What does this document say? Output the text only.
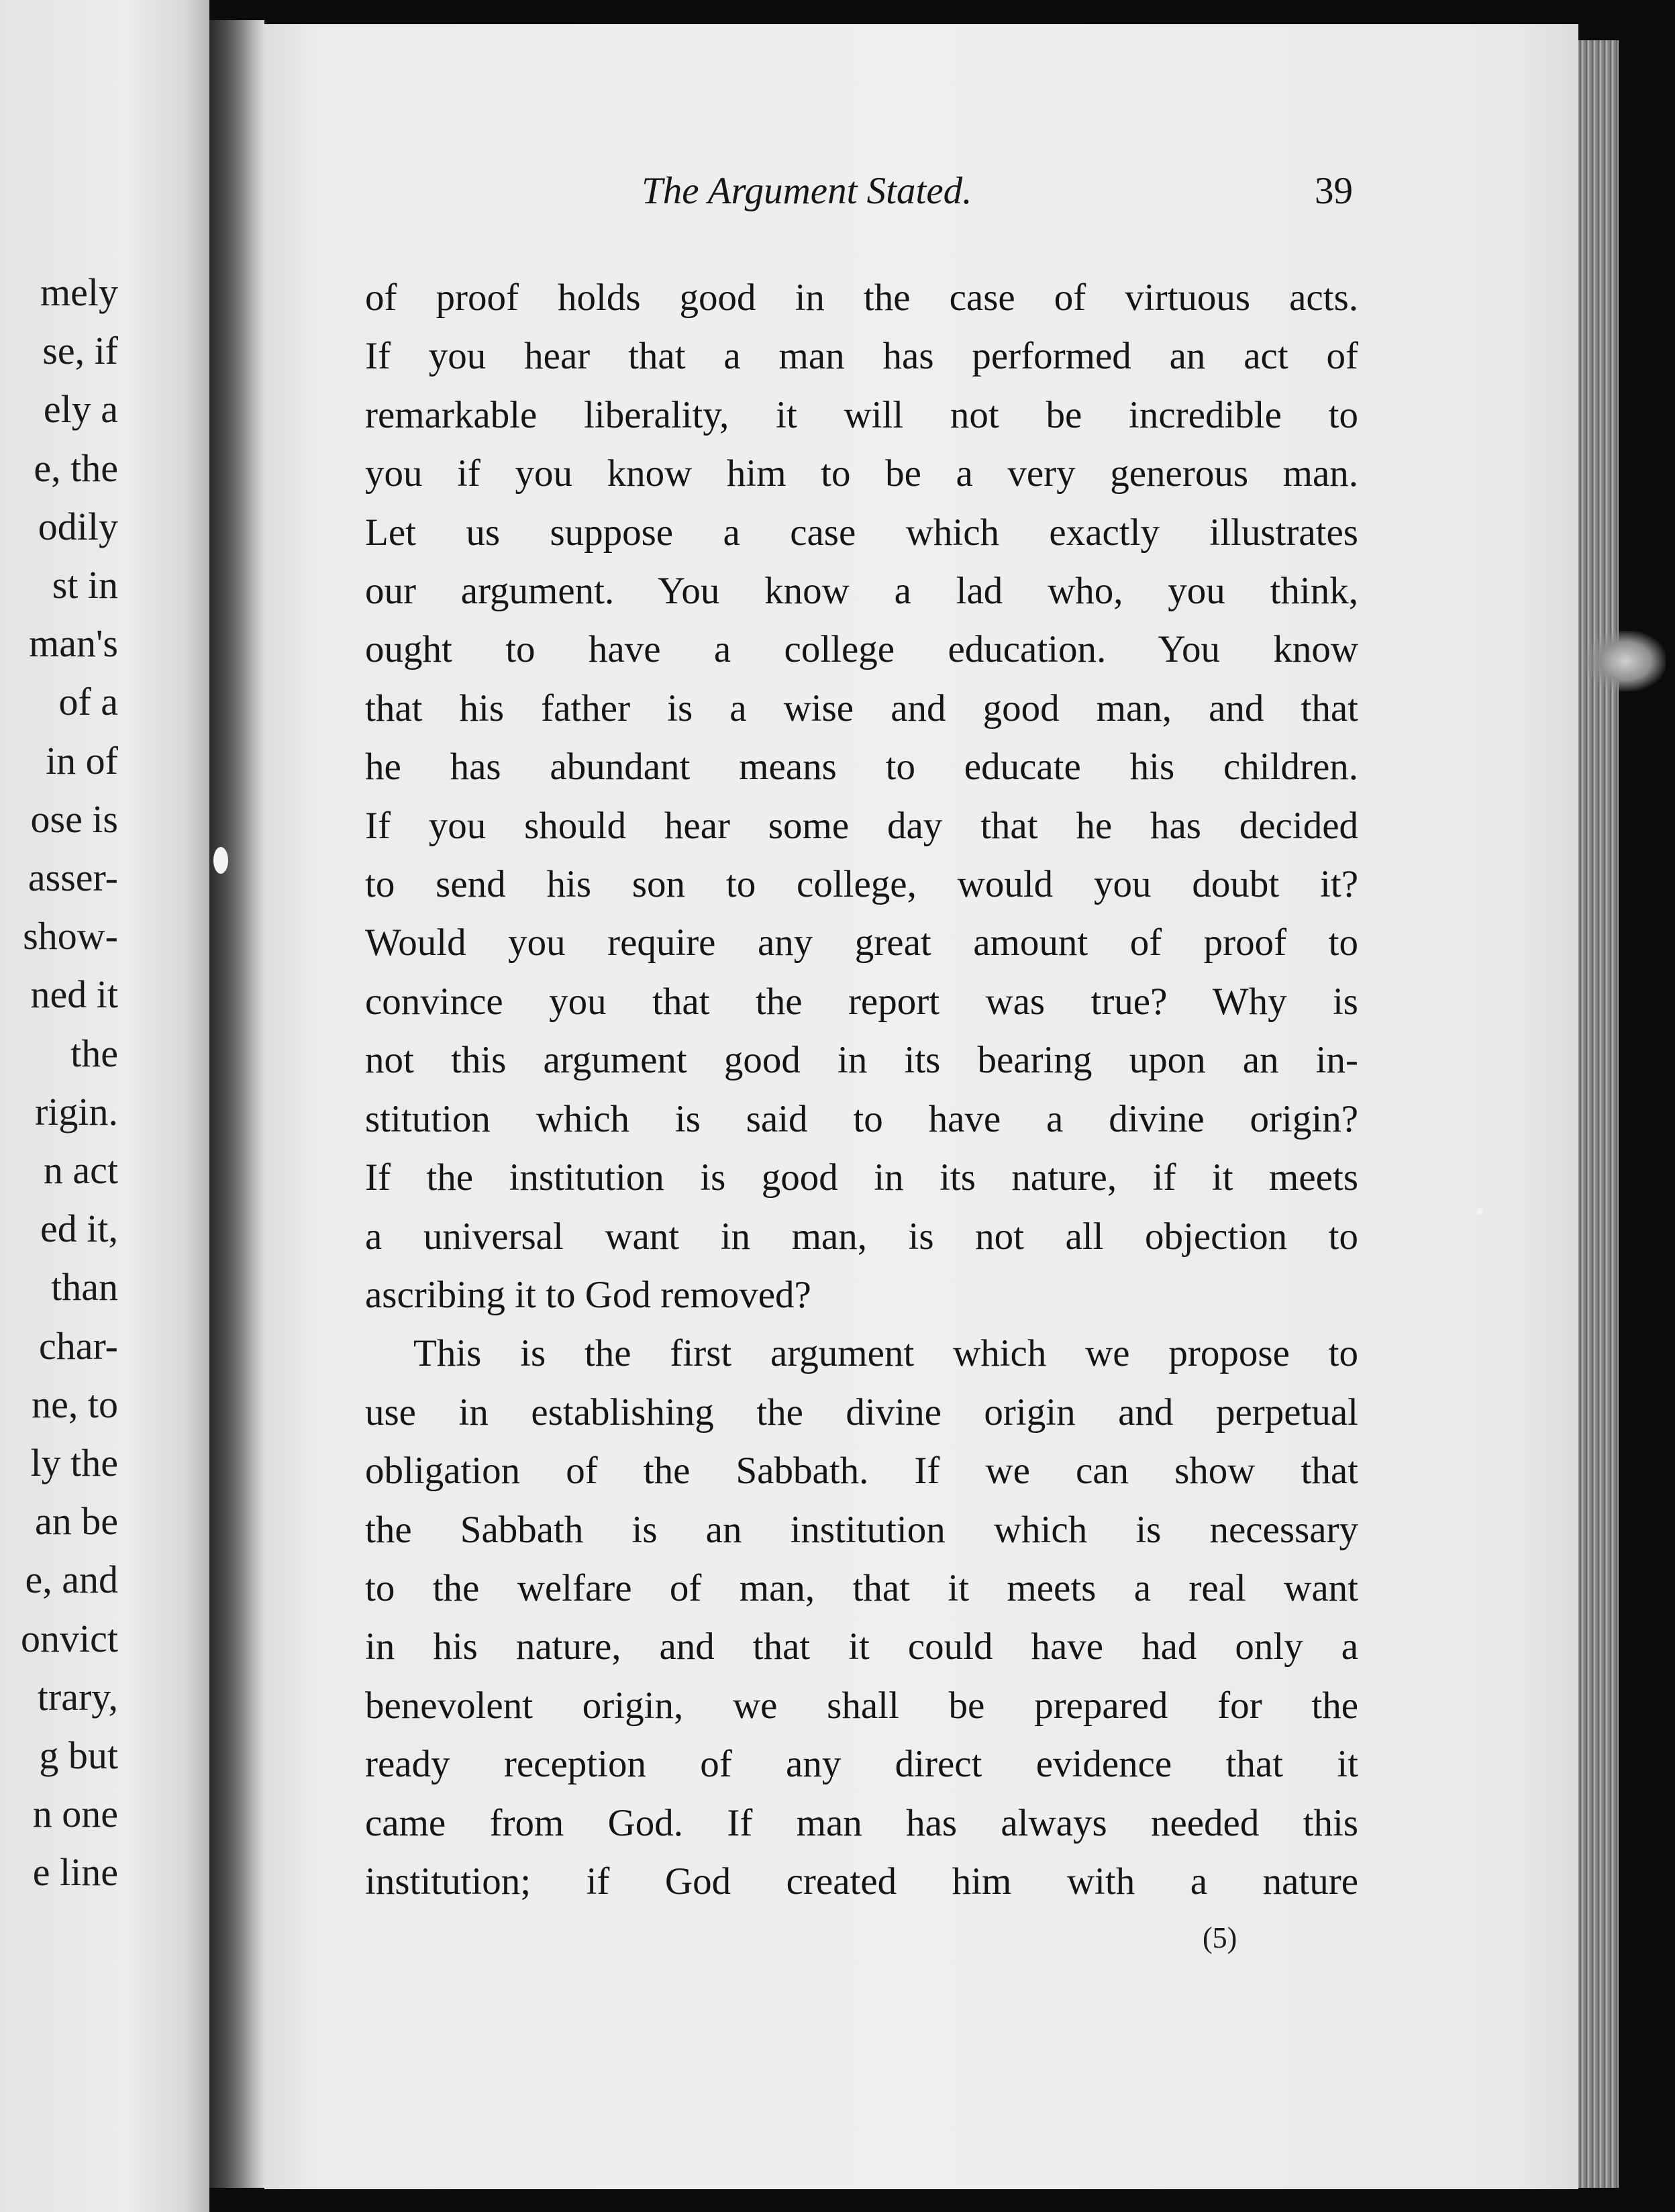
mely
se, if
ely a
e, the
odily
st in
man's
of a
in of
ose is
asser-
show-
ned it
the
rigin.
n act
ed it,
than
char-
ne, to
ly the
an be
e, and
onvict
trary,
g but
n one
e line
The Argument Stated.	39
of proof holds good in the case of virtuous acts.
If you hear that a man has performed an act of
remarkable liberality, it will not be incredible to
you if you know him to be a very generous man.
Let us suppose a case which exactly illustrates
our argument. You know a lad who, you think,
ought to have a college education. You know
that his father is a wise and good man, and that
he has abundant means to educate his children.
If you should hear some day that he has decided
to send his son to college, would you doubt it?
Would you require any great amount of proof to
convince you that the report was true? Why is
not this argument good in its bearing upon an in-
stitution which is said to have a divine origin?
If the institution is good in its nature, if it meets
a universal want in man, is not all objection to
ascribing it to God removed?
This is the first argument which we propose to
use in establishing the divine origin and perpetual
obligation of the Sabbath. If we can show that
the Sabbath is an institution which is necessary
to the welfare of man, that it meets a real want
in his nature, and that it could have had only a
benevolent origin, we shall be prepared for the
ready reception of any direct evidence that it
came from God. If man has always needed this
institution; if God created him with a nature
(5)
